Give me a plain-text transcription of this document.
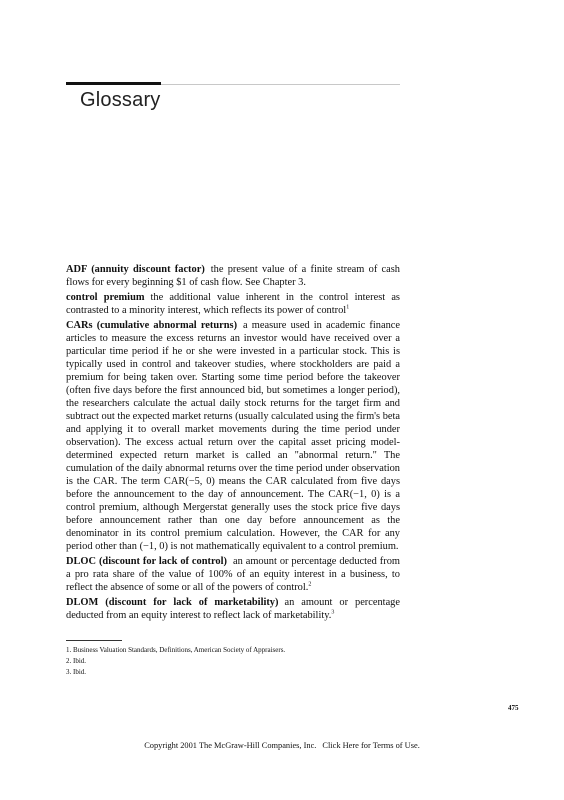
Glossary

ADF (annuity discount factor) the present value of a finite stream of cash flows for every beginning $1 of cash flow. See Chapter 3.

control premium the additional value inherent in the control interest as contrasted to a minority interest, which reflects its power of control$^1$

CARs (cumulative abnormal returns) a measure used in academic finance articles to measure the excess returns an investor would have received over a particular time period if he or she were invested in a particular stock. This is typically used in control and takeover studies, where stockholders are paid a premium for being taken over. Starting some time period before the takeover (often five days before the first announced bid, but sometimes a longer period), the researchers calculate the actual daily stock returns for the target firm and subtract out the expected market returns (usually calculated using the firm's beta and applying it to overall market movements during the time period under observation). The excess actual return over the capital asset pricing model-determined expected return market is called an "abnormal return." The cumulation of the daily abnormal returns over the time period under observation is the CAR. The term CAR(−5, 0) means the CAR calculated from five days before the announcement to the day of announcement. The CAR(−1, 0) is a control premium, although Mergerstat generally uses the stock price five days before announcement rather than one day before announcement as the denominator in its control premium calculation. However, the CAR for any period other than (−1, 0) is not mathematically equivalent to a control premium.

DLOC (discount for lack of control) an amount or percentage deducted from a pro rata share of the value of 100% of an equity interest in a business, to reflect the absence of some or all of the powers of control.$^2$

DLOM (discount for lack of marketability) an amount or percentage deducted from an equity interest to reflect lack of marketability.$^3$

1. Business Valuation Standards, Definitions, American Society of Appraisers.
2. Ibid.
3. Ibid.
475
Copyright 2001 The McGraw-Hill Companies, Inc. Click Here for Terms of Use.
